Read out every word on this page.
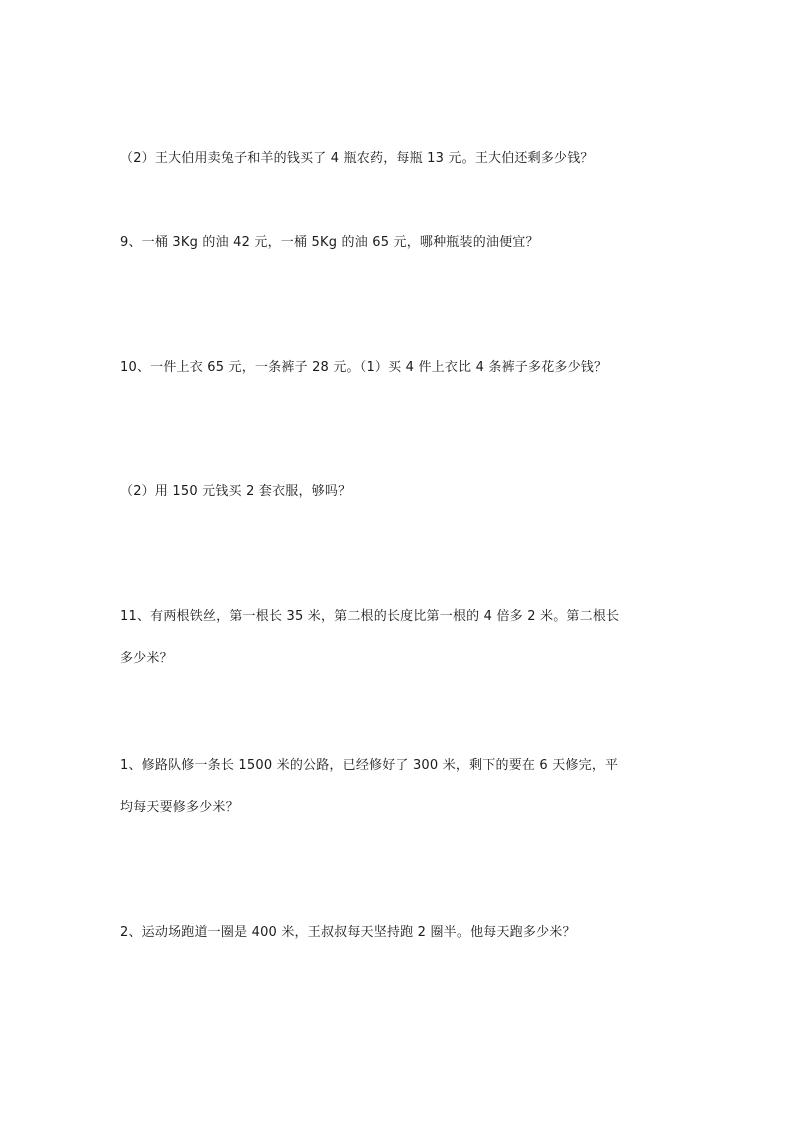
（2）王大伯用卖兔子和羊的钱买了 4 瓶农药，每瓶 13 元。王大伯还剩多少钱？
9、一桶 3Kg 的油 42 元，一桶 5Kg 的油 65 元，哪种瓶装的油便宜？
10、一件上衣 65 元，一条裤子 28 元。（1）买 4 件上衣比 4 条裤子多花多少钱？
（2）用 150 元钱买 2 套衣服，够吗？
11、有两根铁丝，第一根长 35 米，第二根的长度比第一根的 4 倍多 2 米。第二根长
多少米？
1、修路队修一条长 1500 米的公路，已经修好了 300 米，剩下的要在 6 天修完，平
均每天要修多少米？
2、运动场跑道一圈是 400 米，王叔叔每天坚持跑 2 圈半。他每天跑多少米？
